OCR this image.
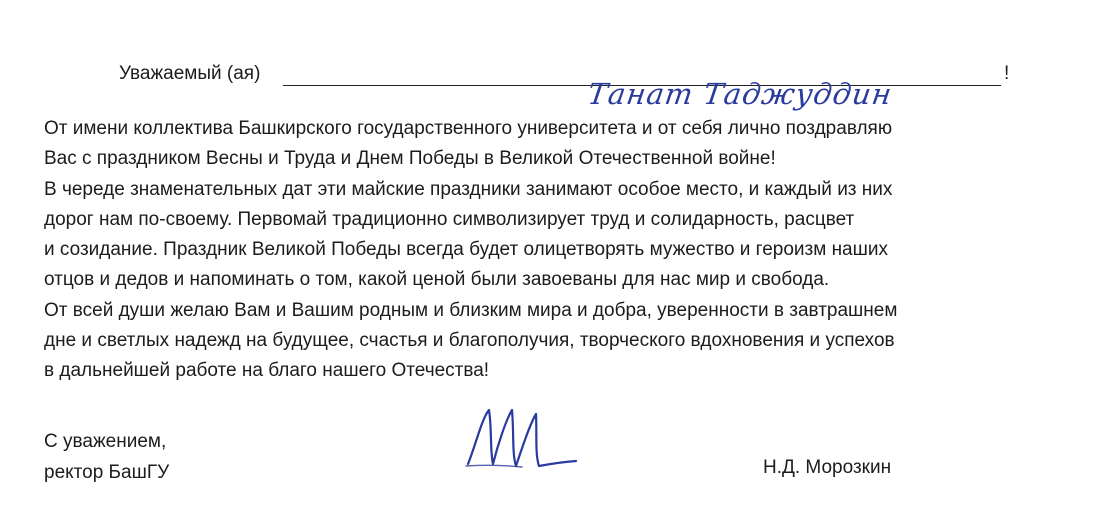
Уважаемый (ая)
Танат Таджуддин
!
От имени коллектива Башкирского государственного университета и от себя лично поздравляю
Вас с праздником Весны и Труда и Днем Победы в Великой Отечественной войне!
В череде знаменательных дат эти майские праздники занимают особое место, и каждый из них
дорог нам по-своему. Первомай традиционно символизирует труд и солидарность, расцвет
и созидание. Праздник Великой Победы всегда будет олицетворять мужество и героизм наших
отцов и дедов и напоминать о том, какой ценой были завоеваны для нас мир и свобода.
От всей души желаю Вам и Вашим родным и близким мира и добра, уверенности в завтрашнем
дне и светлых надежд на будущее, счастья и благополучия, творческого вдохновения и успехов
в дальнейшей работе на благо нашего Отечества!
С уважением,
ректор БашГУ	Н.Д. Морозкин
